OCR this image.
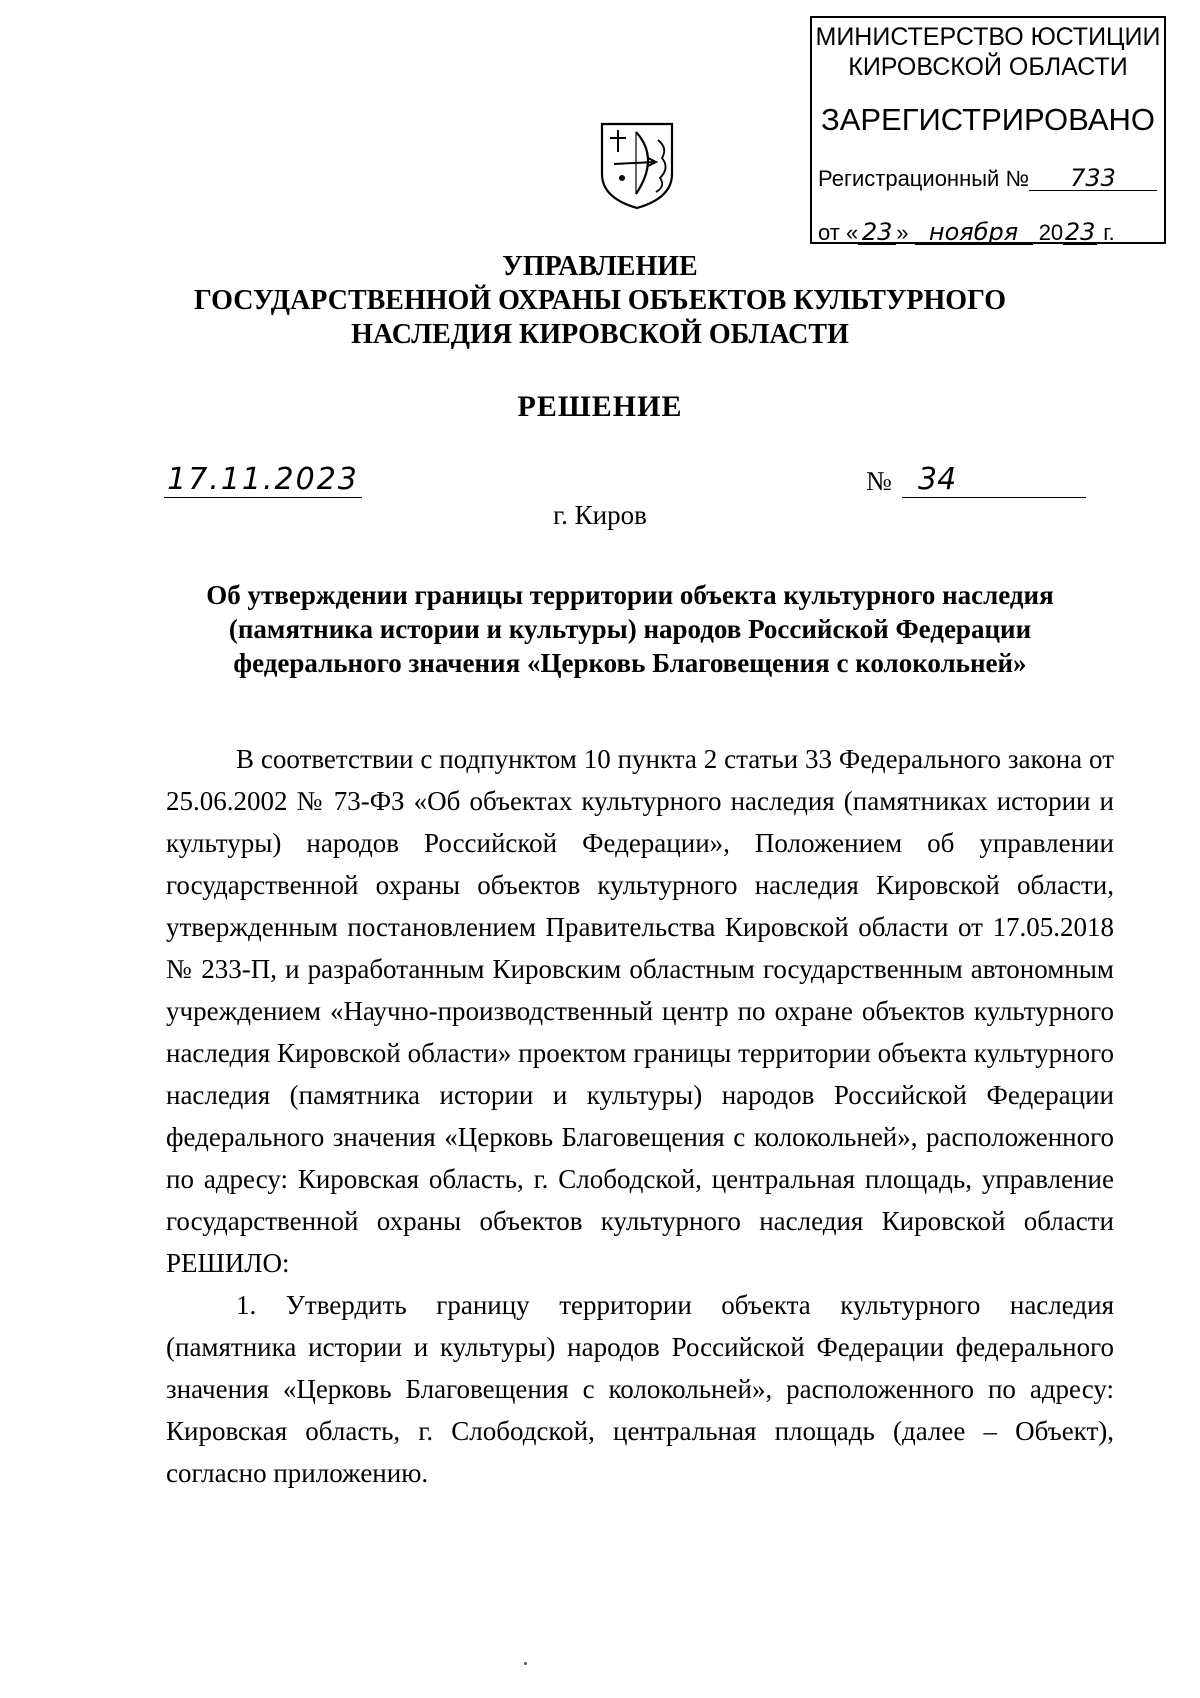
МИНИСТЕРСТВО ЮСТИЦИИ
КИРОВСКОЙ ОБЛАСТИ
ЗАРЕГИСТРИРОВАНО
Регистрационный № 733
от « 23 » ноября 2023 г.
УПРАВЛЕНИЕ
ГОСУДАРСТВЕННОЙ ОХРАНЫ ОБЪЕКТОВ КУЛЬТУРНОГО
НАСЛЕДИЯ КИРОВСКОЙ ОБЛАСТИ
РЕШЕНИЕ
17.11.2023	№ 34
г. Киров
Об утверждении границы территории объекта культурного наследия (памятника истории и культуры) народов Российской Федерации федерального значения «Церковь Благовещения с колокольней»

В соответствии с подпунктом 10 пункта 2 статьи 33 Федерального закона от 25.06.2002 № 73-ФЗ «Об объектах культурного наследия (памятниках истории и культуры) народов Российской Федерации», Положением об управлении государственной охраны объектов культурного наследия Кировской области, утвержденным постановлением Правительства Кировской области от 17.05.2018 № 233-П, и разработанным Кировским областным государственным автономным учреждением «Научно-производственный центр по охране объектов культурного наследия Кировской области» проектом границы территории объекта культурного наследия (памятника истории и культуры) народов Российской Федерации федерального значения «Церковь Благовещения с колокольней», расположенного по адресу: Кировская область, г. Слободской, центральная площадь, управление государственной охраны объектов культурного наследия Кировской области РЕШИЛО:

1. Утвердить границу территории объекта культурного наследия (памятника истории и культуры) народов Российской Федерации федерального значения «Церковь Благовещения с колокольней», расположенного по адресу: Кировская область, г. Слободской, центральная площадь (далее – Объект), согласно приложению.
